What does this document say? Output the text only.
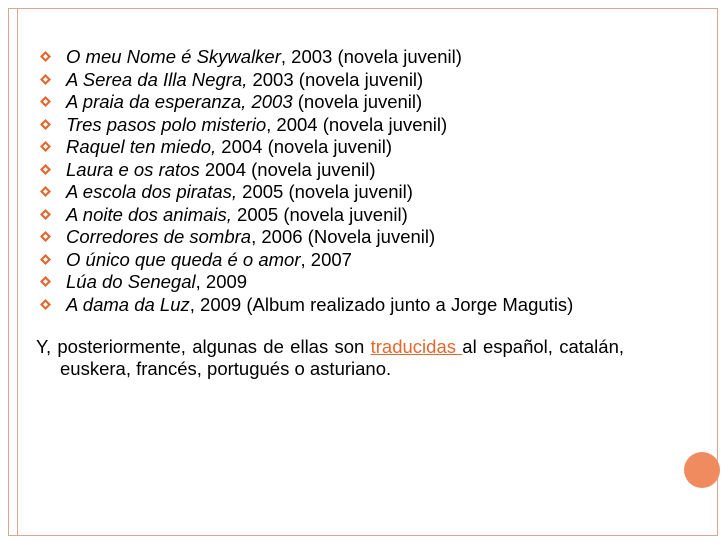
O meu Nome é Skywalker, 2003 (novela juvenil)
A Serea da Illa Negra, 2003 (novela juvenil)
A praia da esperanza, 2003 (novela juvenil)
Tres pasos polo misterio, 2004 (novela juvenil)
Raquel ten miedo, 2004 (novela juvenil)
Laura e os ratos 2004 (novela juvenil)
A escola dos piratas, 2005 (novela juvenil)
A noite dos animais, 2005 (novela juvenil)
Corredores de sombra, 2006 (Novela juvenil)
O único que queda é o amor, 2007
Lúa do Senegal, 2009
A dama da Luz, 2009 (Album realizado junto a Jorge Magutis)

Y, posteriormente, algunas de ellas son traducidas al español, catalán, euskera, francés, portugués o asturiano.
